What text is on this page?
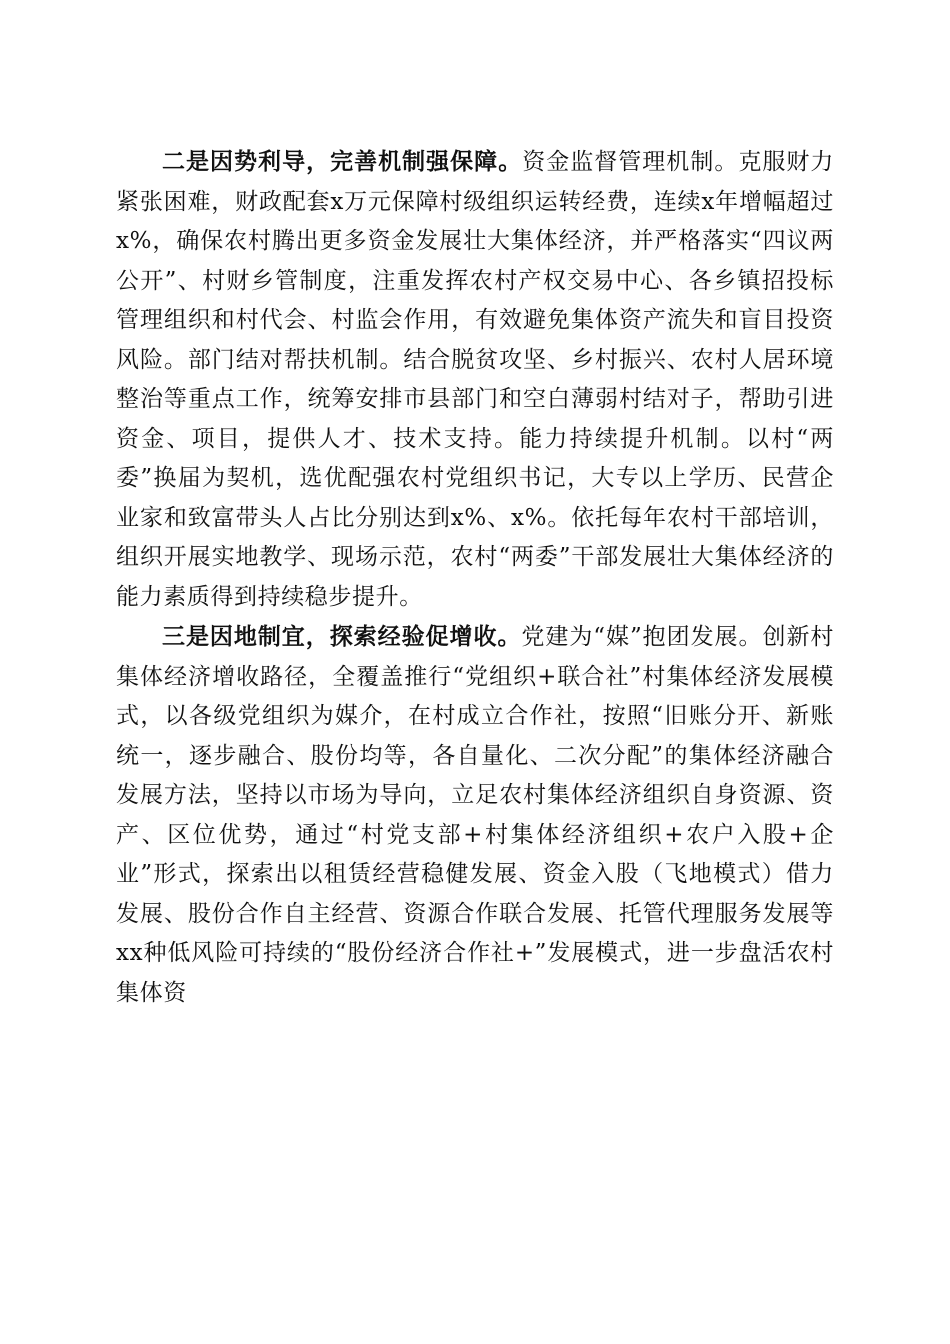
二是因势利导，完善机制强保障。资金监督管理机制。克服财力紧张困难，财政配套x万元保障村级组织运转经费，连续x年增幅超过x%，确保农村腾出更多资金发展壮大集体经济，并严格落实“四议两公开”、村财乡管制度，注重发挥农村产权交易中心、各乡镇招投标管理组织和村代会、村监会作用，有效避免集体资产流失和盲目投资风险。部门结对帮扶机制。结合脱贫攻坚、乡村振兴、农村人居环境整治等重点工作，统筹安排市县部门和空白薄弱村结对子，帮助引进资金、项目，提供人才、技术支持。能力持续提升机制。以村“两委”换届为契机，选优配强农村党组织书记，大专以上学历、民营企业家和致富带头人占比分别达到x%、x%。依托每年农村干部培训，组织开展实地教学、现场示范，农村“两委”干部发展壮大集体经济的能力素质得到持续稳步提升。

三是因地制宜，探索经验促增收。党建为“媒”抱团发展。创新村集体经济增收路径，全覆盖推行“党组织+联合社”村集体经济发展模式，以各级党组织为媒介，在村成立合作社，按照“旧账分开、新账统一，逐步融合、股份均等，各自量化、二次分配”的集体经济融合发展方法，坚持以市场为导向，立足农村集体经济组织自身资源、资产、区位优势，通过“村党支部+村集体经济组织+农户入股+企业”形式，探索出以租赁经营稳健发展、资金入股（飞地模式）借力发展、股份合作自主经营、资源合作联合发展、托管代理服务发展等xx种低风险可持续的“股份经济合作社+”发展模式，进一步盘活农村集体资
